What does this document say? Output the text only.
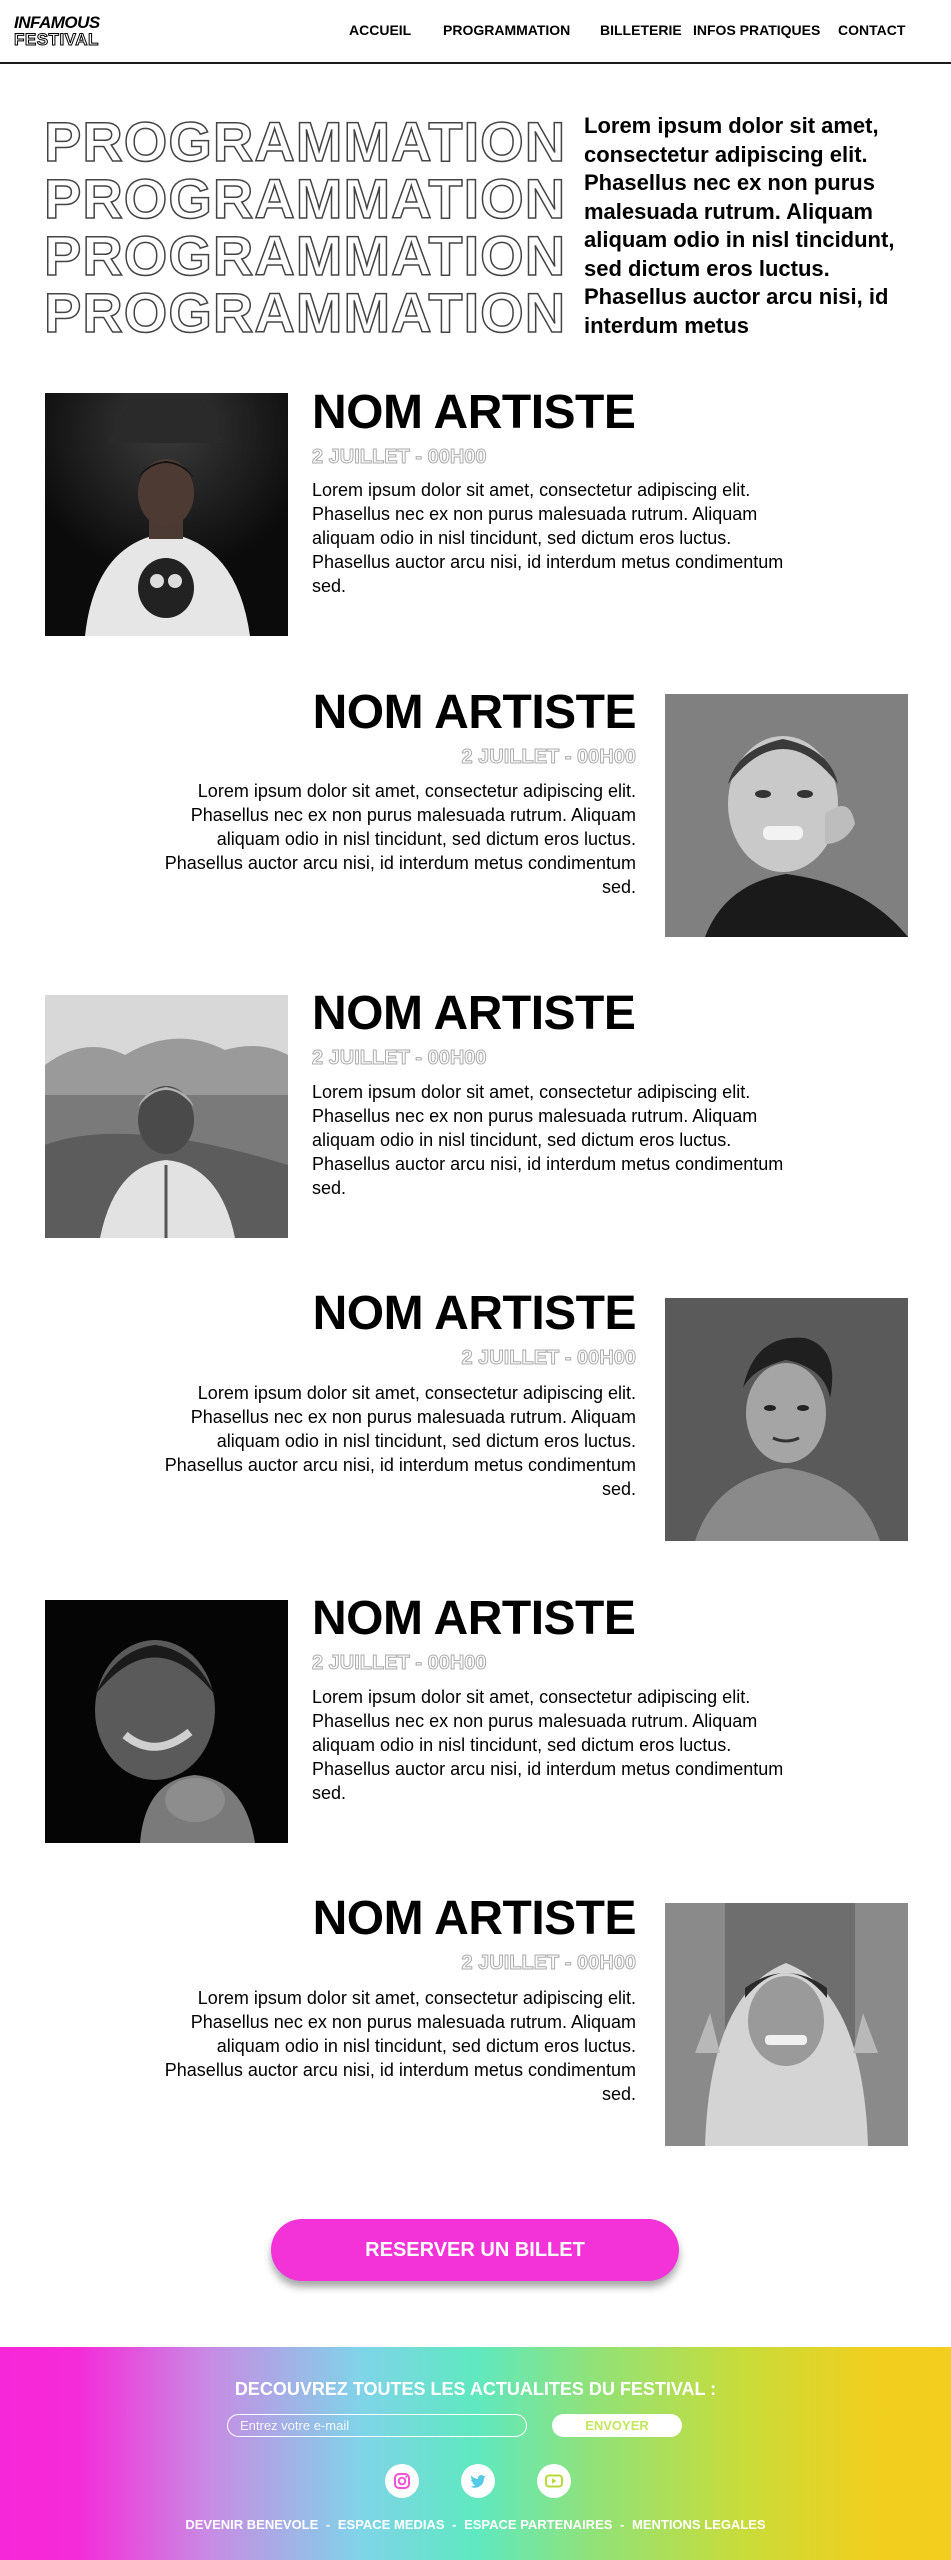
INFAMOUS
FESTIVAL	ACCUEIL PROGRAMMATION BILLETERIE INFOS PRATIQUES CONTACT
PROGRAMMATION
PROGRAMMATION
PROGRAMMATION
PROGRAMMATION

Lorem ipsum dolor sit amet, consectetur adipiscing elit. Phasellus nec ex non purus malesuada rutrum. Aliquam aliquam odio in nisl tincidunt, sed dictum eros luctus. Phasellus auctor arcu nisi, id interdum metus

NOM ARTISTE
2 JUILLET - 00H00

Lorem ipsum dolor sit amet, consectetur adipiscing elit. Phasellus nec ex non purus malesuada rutrum. Aliquam aliquam odio in nisl tincidunt, sed dictum eros luctus. Phasellus auctor arcu nisi, id interdum metus condimentum sed.

NOM ARTISTE
2 JUILLET - 00H00

Lorem ipsum dolor sit amet, consectetur adipiscing elit. Phasellus nec ex non purus malesuada rutrum. Aliquam aliquam odio in nisl tincidunt, sed dictum eros luctus. Phasellus auctor arcu nisi, id interdum metus condimentum sed.

NOM ARTISTE
2 JUILLET - 00H00

Lorem ipsum dolor sit amet, consectetur adipiscing elit. Phasellus nec ex non purus malesuada rutrum. Aliquam aliquam odio in nisl tincidunt, sed dictum eros luctus. Phasellus auctor arcu nisi, id interdum metus condimentum sed.

NOM ARTISTE
2 JUILLET - 00H00

Lorem ipsum dolor sit amet, consectetur adipiscing elit. Phasellus nec ex non purus malesuada rutrum. Aliquam aliquam odio in nisl tincidunt, sed dictum eros luctus. Phasellus auctor arcu nisi, id interdum metus condimentum sed.

NOM ARTISTE
2 JUILLET - 00H00

Lorem ipsum dolor sit amet, consectetur adipiscing elit. Phasellus nec ex non purus malesuada rutrum. Aliquam aliquam odio in nisl tincidunt, sed dictum eros luctus. Phasellus auctor arcu nisi, id interdum metus condimentum sed.

NOM ARTISTE
2 JUILLET - 00H00

Lorem ipsum dolor sit amet, consectetur adipiscing elit. Phasellus nec ex non purus malesuada rutrum. Aliquam aliquam odio in nisl tincidunt, sed dictum eros luctus. Phasellus auctor arcu nisi, id interdum metus condimentum sed.

RESERVER UN BILLET
DECOUVREZ TOUTES LES ACTUALITES DU FESTIVAL :
Entrez votre e-mail
ENVOYER
DEVENIR BENEVOLE - ESPACE MEDIAS - ESPACE PARTENAIRES - MENTIONS LEGALES
